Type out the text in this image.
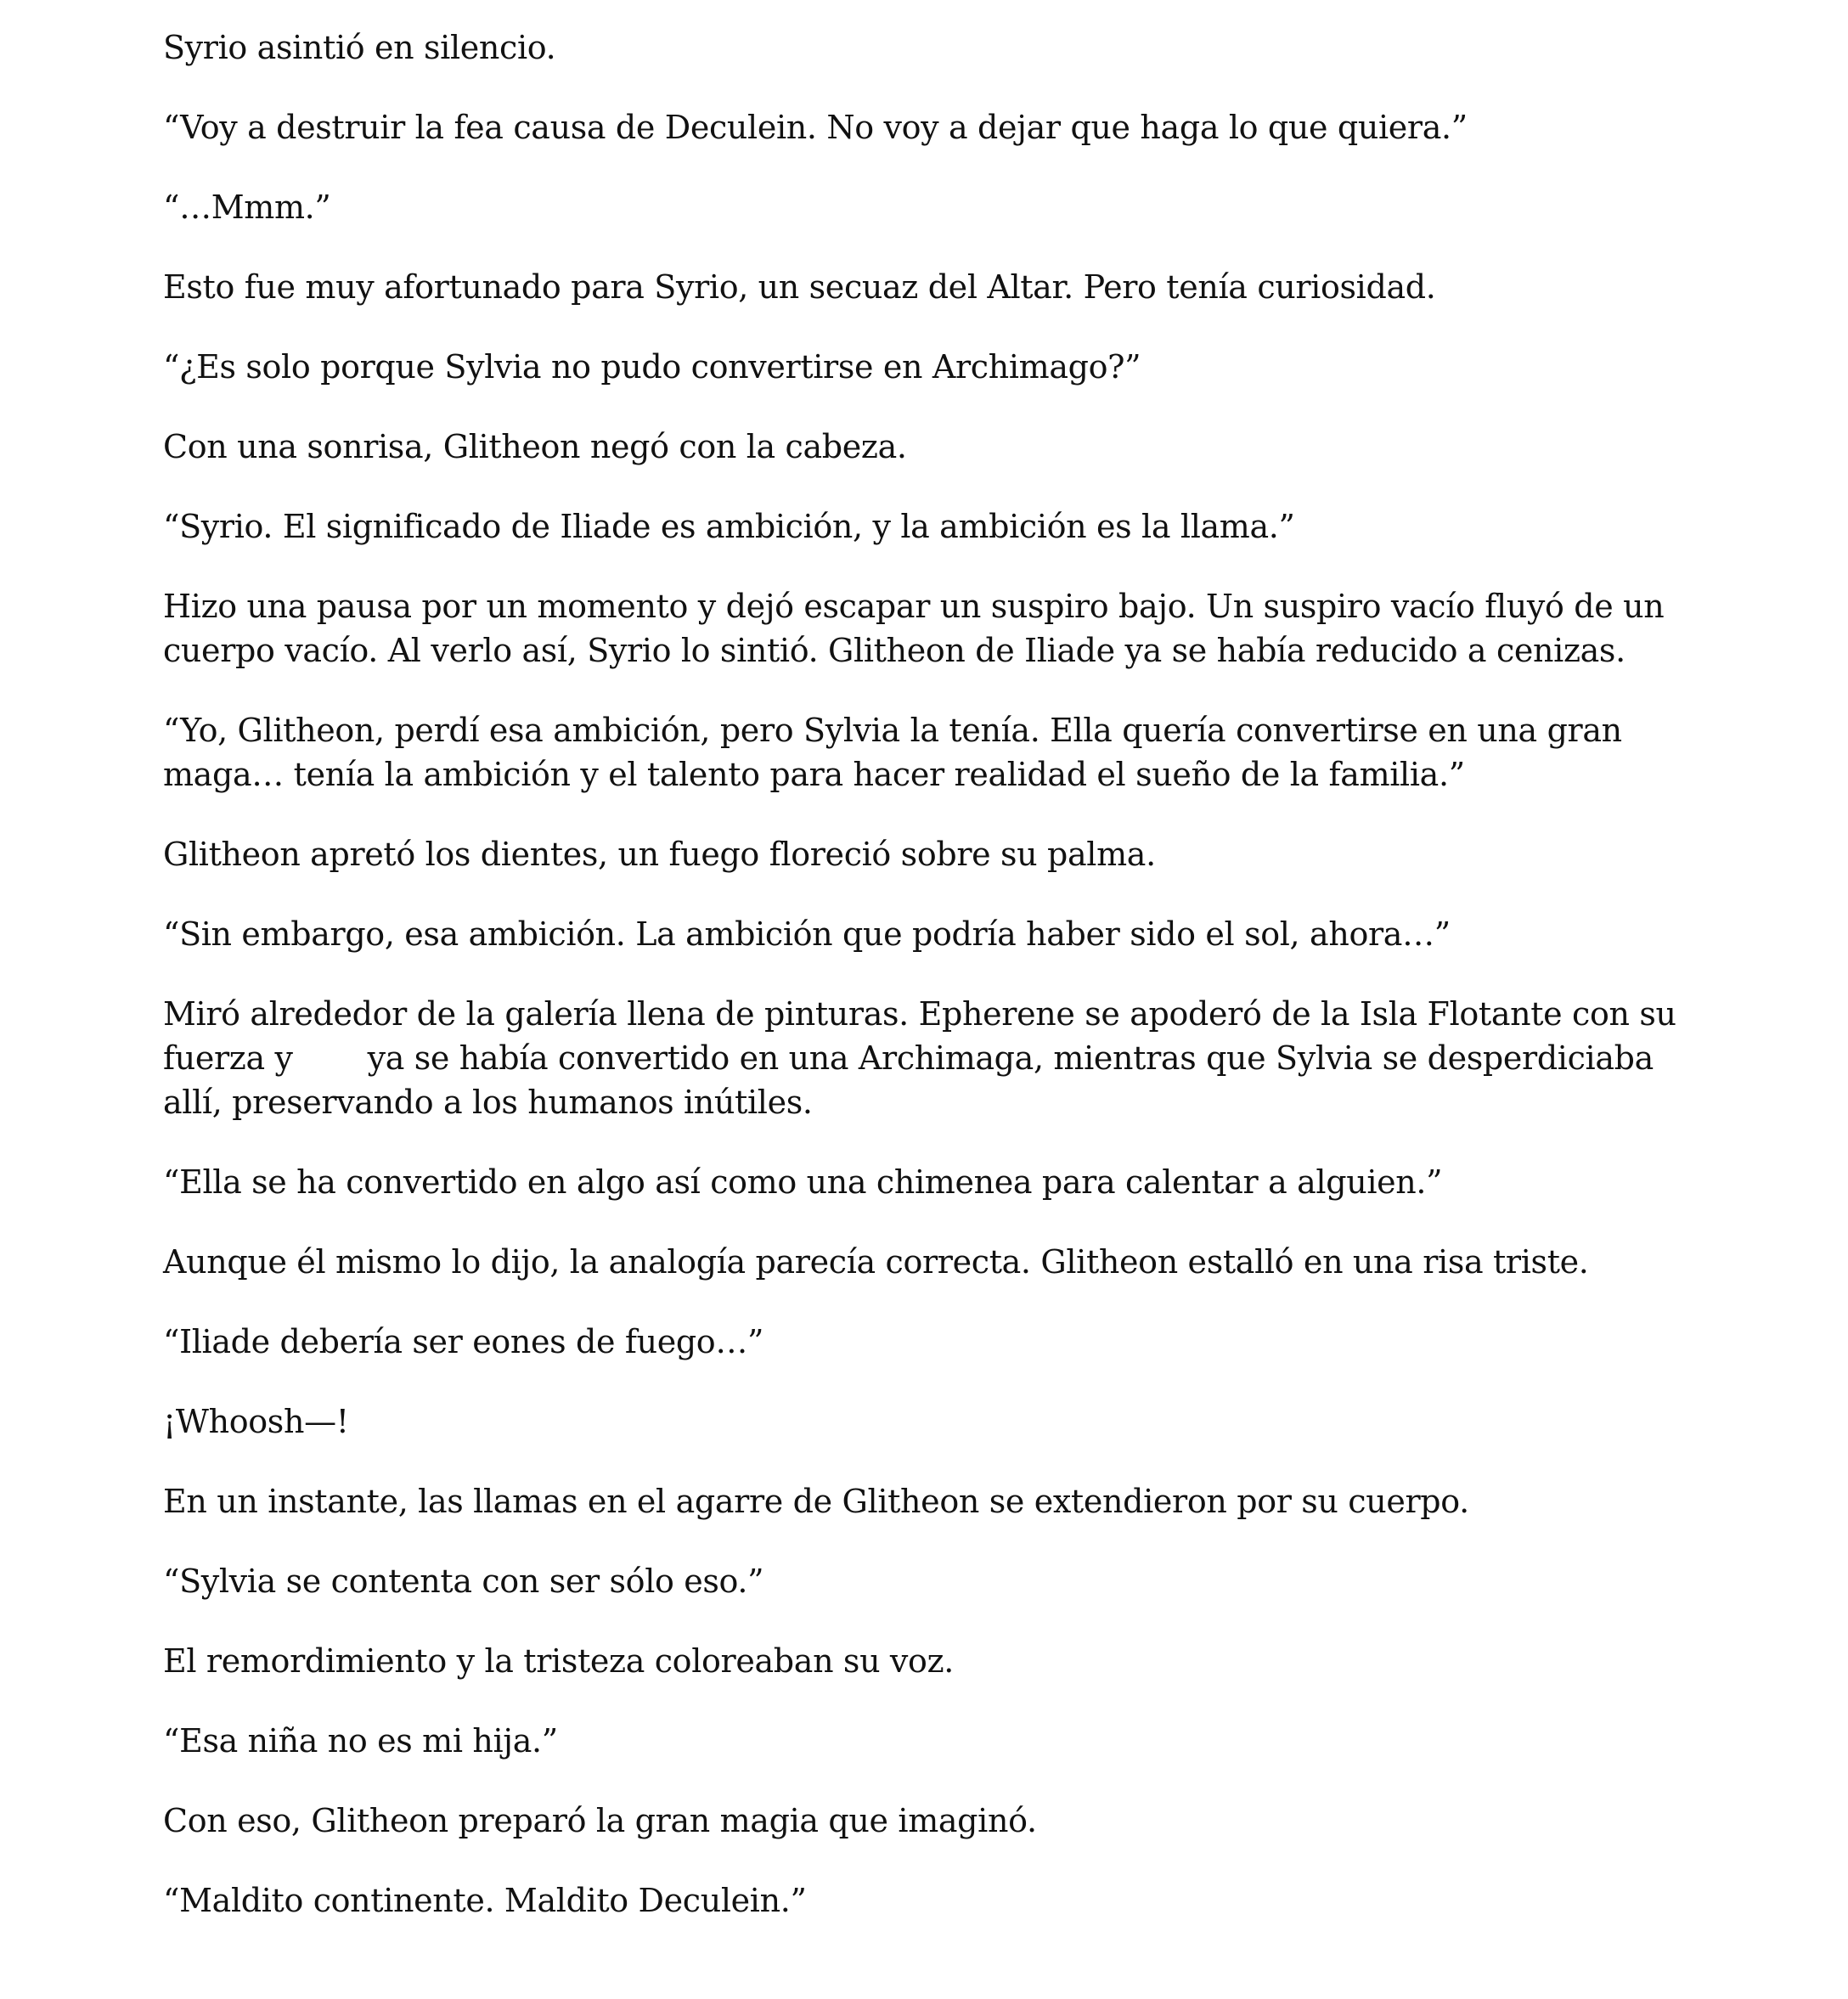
Syrio asintió en silencio.

“Voy a destruir la fea causa de Deculein. No voy a dejar que haga lo que quiera.”

“…Mmm.”

Esto fue muy afortunado para Syrio, un secuaz del Altar. Pero tenía curiosidad.

“¿Es solo porque Sylvia no pudo convertirse en Archimago?”

Con una sonrisa, Glitheon negó con la cabeza.

“Syrio. El significado de Iliade es ambición, y la ambición es la llama.”

Hizo una pausa por un momento y dejó escapar un suspiro bajo. Un suspiro vacío fluyó de un cuerpo vacío. Al verlo así, Syrio lo sintió. Glitheon de Iliade ya se había reducido a cenizas.

“Yo, Glitheon, perdí esa ambición, pero Sylvia la tenía. Ella quería convertirse en una gran maga… tenía la ambición y el talento para hacer realidad el sueño de la familia.”

Glitheon apretó los dientes, un fuego floreció sobre su palma.

“Sin embargo, esa ambición. La ambición que podría haber sido el sol, ahora…”

Miró alrededor de la galería llena de pinturas. Epherene se apoderó de la Isla Flotante con su fuerza y ya se había convertido en una Archimaga, mientras que Sylvia se desperdiciaba allí, preservando a los humanos inútiles.

“Ella se ha convertido en algo así como una chimenea para calentar a alguien.”

Aunque él mismo lo dijo, la analogía parecía correcta. Glitheon estalló en una risa triste.

“Iliade debería ser eones de fuego…”

¡Whoosh—!

En un instante, las llamas en el agarre de Glitheon se extendieron por su cuerpo.

“Sylvia se contenta con ser sólo eso.”

El remordimiento y la tristeza coloreaban su voz.

“Esa niña no es mi hija.”

Con eso, Glitheon preparó la gran magia que imaginó.

“Maldito continente. Maldito Deculein.”
